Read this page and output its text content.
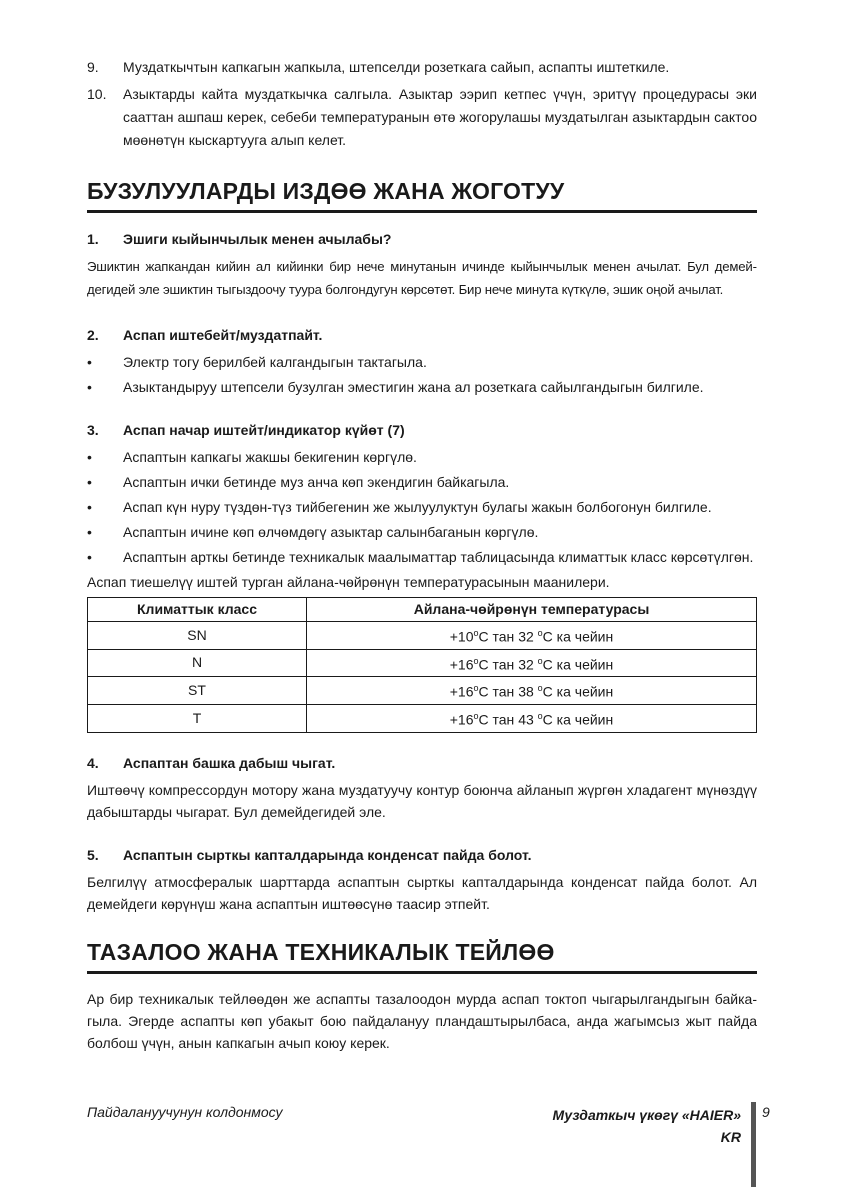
9.	Муздаткычтын капкагын жапкыла, штепселди розеткага сайып, аспапты иштеткиле.
10.	Азыктарды кайта муздаткычка салгыла. Азыктар ээрип кетпес үчүн, эритүү процедурасы эки сааттан ашпаш керек, себеби температуранын өтө жогорулашы муздатылган азыктардын сактоо мөөнөтүн кыскартууга алып келет.
БУЗУЛУУЛАРДЫ ИЗДӨӨ ЖАНА ЖОГОТУУ
1.	Эшиги кыйынчылык менен ачылабы?

Эшиктин жапкандан кийин ал кийинки бир нече минутанын ичинде кыйынчылык менен ачылат. Бул демейдегидей эле эшиктин тыгыздоочу туура болгондугун көрсөтөт. Бир нече минута күткүлө, эшик оңой ачылат.

2.	Аспап иштебейт/муздатпайт.
•	Электр тогу берилбей калгандыгын тактагыла.
•	Азыктандыруу штепсели бузулган эместигин жана ал розеткага сайылгандыгын билгиле.
3.	Аспап начар иштейт/индикатор күйөт (7)
•	Аспаптын капкагы жакшы бекигенин көргүлө.
•	Аспаптын ички бетинде муз анча көп экендигин байкагыла.
•	Аспап күн нуру түздөн-түз тийбегенин же жылуулуктун булагы жакын болбогонун билгиле.
•	Аспаптын ичине көп өлчөмдөгү азыктар салынбаганын көргүлө.
•	Аспаптын арткы бетинде техникалык маалыматтар таблицасында климаттык класс көрсөтүлгөн.

Аспап тиешелүү иштей турган айлана-чөйрөнүн температурасынын маанилери.

Климаттык класс	Айлана-чөйрөнүн температурасы
SN	$+10^oC$ тан 32 $^o$C ка чейин
N	$+16^oC$ тан 32 $^o$C ка чейин
ST	$+16^oC$ тан 38 $^o$C ка чейин
T	$+16^oC$ тан 43 $^o$C ка чейин
4.	Аспаптан башка дабыш чыгат.

Иштөөчү компрессордун мотору жана муздатуучу контур боюнча айланып жүргөн хладагент мүнөздүү дабыштарды чыгарат. Бул демейдегидей эле.

5.	Аспаптын сырткы капталдарында конденсат пайда болот.

Белгилүү атмосфералык шарттарда аспаптын сырткы капталдарында конденсат пайда болот. Ал демейдеги көрүнүш жана аспаптын иштөөсүнө таасир этпейт.

ТАЗАЛОО ЖАНА ТЕХНИКАЛЫК ТЕЙЛӨӨ

Ар бир техникалык тейлөөдөн же аспапты тазалоодон мурда аспап токтоп чыгарылгандыгын байкагыла. Эгерде аспапты көп убакыт бою пайдалануу пландаштырылбаса, анда жагымсыз жыт пайда болбош үчүн, анын капкагын ачып коюу керек.

Пайдалануучунун колдонмосу	Муздаткыч үкөгү «HAIER»
KR
9
